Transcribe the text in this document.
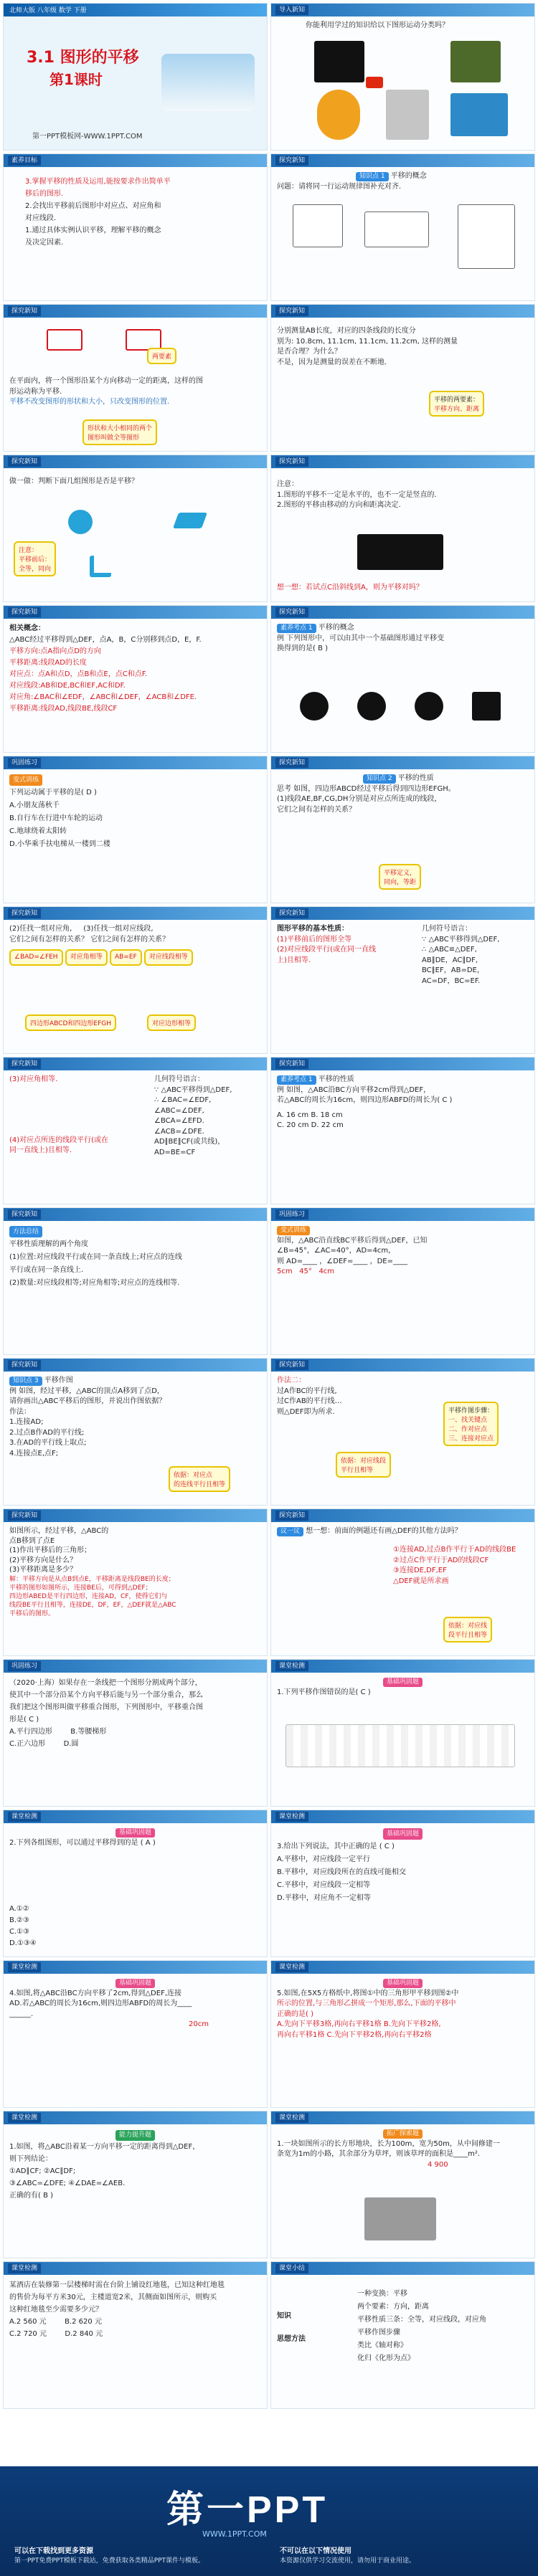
北师大版 八年级 数学 下册
3.1 图形的平移
第1课时
第一PPT模板网-WWW.1PPT.COM
导入新知
你能利用学过的知识给以下图形运动分类吗？
素养目标
3.掌握平移的性质及运用,能按要求作出简单平
移后的图形.
2.会找出平移前后图形中对应点、对应角和
对应线段.
1.通过具体实例认识平移，理解平移的概念
及决定因素.
探究新知
知识点 1 平移的概念
问题：请将同一行运动规律图补充对齐.
探究新知
两要素
在平面内，将一个图形沿某个方向移动一定的距离，这样的图
形运动称为平移.
平移不改变图形的形状和大小，只改变图形的位置.
形状和大小相同的两个
图形叫做全等图形
探究新知
分别测量AB长度，对应的四条线段的长度分
别为: 10.8cm, 11.1cm, 11.1cm, 11.2cm, 这样的测量
是否合理？为什么？
不是，因为是测量的误差在不断地.
平移的两要素：
平移方向、距离
探究新知
做一做：判断下面几组图形是否是平移？
注意：
平移前后：
全等，同向
探究新知
注意：
1.图形的平移不一定是水平的，也不一定是竖直的.
2.图形的平移由移动的方向和距离决定.
想一想：若试点C沿斜线到A，则为平移对吗？
探究新知
相关概念：
△ABC经过平移得到△DEF，点A，B，C分别移到点D，E，F.
平移方向:点A指向点D的方向
平移距离:线段AD的长度
对应点：点A和点D，点B和点E，点C和点F.
对应线段:AB和DE,BC和EF,AC和DF.
对应角:∠BAC和∠EDF，∠ABC和∠DEF，∠ACB和∠DFE.
平移距离:线段AD,线段BE,线段CF
探究新知
素养考点 1 平移的概念
例 下列图形中，可以由其中一个基础图形通过平移变
换得到的是( B )
巩固练习
变式训练
下列运动属于平移的是( D )
A.小朋友荡秋千
B.自行车在行进中车轮的运动
C.地球绕着太阳转
D.小华乘手扶电梯从一楼到二楼
探究新知
知识点 2 平移的性质
思考 如图，四边形ABCD经过平移后得到四边形EFGH。
(1)线段AE,BF,CG,DH分别是对应点所连成的线段，
它们之间有怎样的关系？
平移定义，
同向，等距
探究新知
(2)任找一组对应角, (3)任找一组对应线段,
它们之间有怎样的关系？ 它们之间有怎样的关系？
∠BAD=∠FEH 对应角相等 AB=EF 对应线段相等
四边形ABCD和四边形EFGH	对应边形相等
探究新知
图形平移的基本性质：
(1)平移前后的图形全等
(2)对应线段平行(或在同一直线
上)且相等.
几何符号语言：
∵ △ABC平移得到△DEF,
∴ △ABC≌△DEF,
AB∥DE，AC∥DF,
BC∥EF，AB=DE，
AC=DF，BC=EF.
探究新知
(3)对应角相等.
(4)对应点所连的线段平行(或在
同一直线上)且相等.
几何符号语言：
∵ △ABC平移得到△DEF,
∴ ∠BAC=∠EDF,
∠ABC=∠DEF,
∠BCA=∠EFD.
∠ACB=∠DFE.
AD∥BE∥CF(或共线)，
AD=BE=CF
探究新知
素养考点 1 平移的性质
例 如图，△ABC沿BC方向平移2cm得到△DEF，
若△ABC的周长为16cm，则四边形ABFD的周长为( C )
A. 16 cm B. 18 cm
C. 20 cm D. 22 cm
探究新知
方法总结
平移性质理解的两个角度
(1)位置:对应线段平行或在同一条直线上;对应点的连线
平行或在同一条直线上.
(2)数量:对应线段相等;对应角相等;对应点的连线相等.
巩固练习
变式训练
如图，△ABC沿直线BC平移后得到△DEF，已知
∠B=45°，∠AC=40°，AD=4cm，
则 AD=____ ，∠DEF=____ ，DE=____
5cm 45° 4cm
探究新知
知识点 3 平移作图
例 如图，经过平移，△ABC的顶点A移到了点D，
请你画出△ABC平移后的图形，并说出作图依据？
作法：
1.连接AD;
2.过点B作AD的平行线;
3.在AD的平行线上取点;
4.连接点E,点F;
依据：对应点
的连线平行且相等
探究新知
作法二：
过A作BC的平行线,
过C作AB的平行线…
则△DEF即为所求.
依据：对应线段
平行且相等
平移作图步骤：
一、找关键点
二、作对应点
三、连接对应点
探究新知
如图所示，经过平移，△ABC的
点B移到了点E
(1)作出平移后的三角形；
(2)平移方向是什么？
(3)平移距离是多少？
解：平移方向是从点B到点E，平移距离是线段BE的长度；
平移的图形如图所示，连接BE后，可得到△DEF；
四边形ABED是平行四边形，连接AD，CF，使得它们与
线段BE平行且相等，连接DE，DF，EF，△DEF就是△ABC
平移后的图形。
探究新知
议一议 想一想：前面的例题还有画△DEF的其他方法吗？
①连接AD,过点B作平行于AD的线段BE
②过点C作平行于AD的线段CF
③连接DE,DF,EF
△DEF就是所求画
依据：对应线
段平行且相等
巩固练习
（2020·上海）如果存在一条线把一个图形分割成两个部分，
使其中一个部分沿某个方向平移后能与另一个部分重合，那么
我们把这个图形叫做平移重合图形，下列图形中，平移重合图
形是( C )
A.平行四边形	B.等腰梯形
C.正六边形	D.圆
课堂检测
基础巩固题
1.下列平移作图错误的是( C )
课堂检测
基础巩固题
2.下列各组图形，可以通过平移得到的是 ( A )
A.①②
B.②③
C.①③
D.①③④
课堂检测
基础巩固题
3.给出下列说法，其中正确的是 ( C )
A.平移中，对应线段一定平行
B.平移中，对应线段所在的直线可能相交
C.平移中，对应线段一定相等
D.平移中，对应角不一定相等
课堂检测
基础巩固题
4.如图,将△ABC沿BC方向平移了2cm,得到△DEF,连接
AD.若△ABC的周长为16cm,则四边形ABFD的周长为____
______.
20cm
课堂检测
基础巩固题
5.如图,在5X5方格纸中,将图①中的三角形甲平移到图②中
所示的位置,与三角形乙拼成一个矩形,那么,下面的平移中
正确的是( )
A.先向下平移3格,再向右平移1格 B.先向下平移2格,
再向右平移1格 C.先向下平移2格,再向右平移2格
课堂检测
能力提升题
1.如图，将△ABC沿着某一方向平移一定的距离得到△DEF，
则下列结论：
①AD∥CF; ②AC∥DF;
③∠ABC=∠DFE; ④∠DAE=∠AEB.
正确的有( B )
课堂检测
拓广探索题
1.一块如图所示的长方形地块，长为100m，宽为50m，从中间修建一
条宽为1m的小路，其余部分为草坪，则该草坪的面积是____m².
4 900
课堂检测
某酒店在装修第一层楼梯时需在台阶上铺设红地毯，已知这种红地毯
的售价为每平方米30元，主楼道宽2米，其侧面如图所示，则购买
这种红地毯至少需要多少元？
A.2 560 元	B.2 620 元
C.2 720 元	D.2 840 元
课堂小结
知识
思想方法
一种变换：平移
两个要素：方向，距离
平移性质三条：全等，对应线段，对应角
平移作图步骤
类比《轴对称》
化归《化形为点》
第一PPT
WWW.1PPT.COM
可以在下载找到更多资源
第一PPT免费PPT模板下载站，免费获取各类精品PPT课件与模板。
不可以在以下情况使用
本资源仅供学习交流使用，请勿用于商业用途。
